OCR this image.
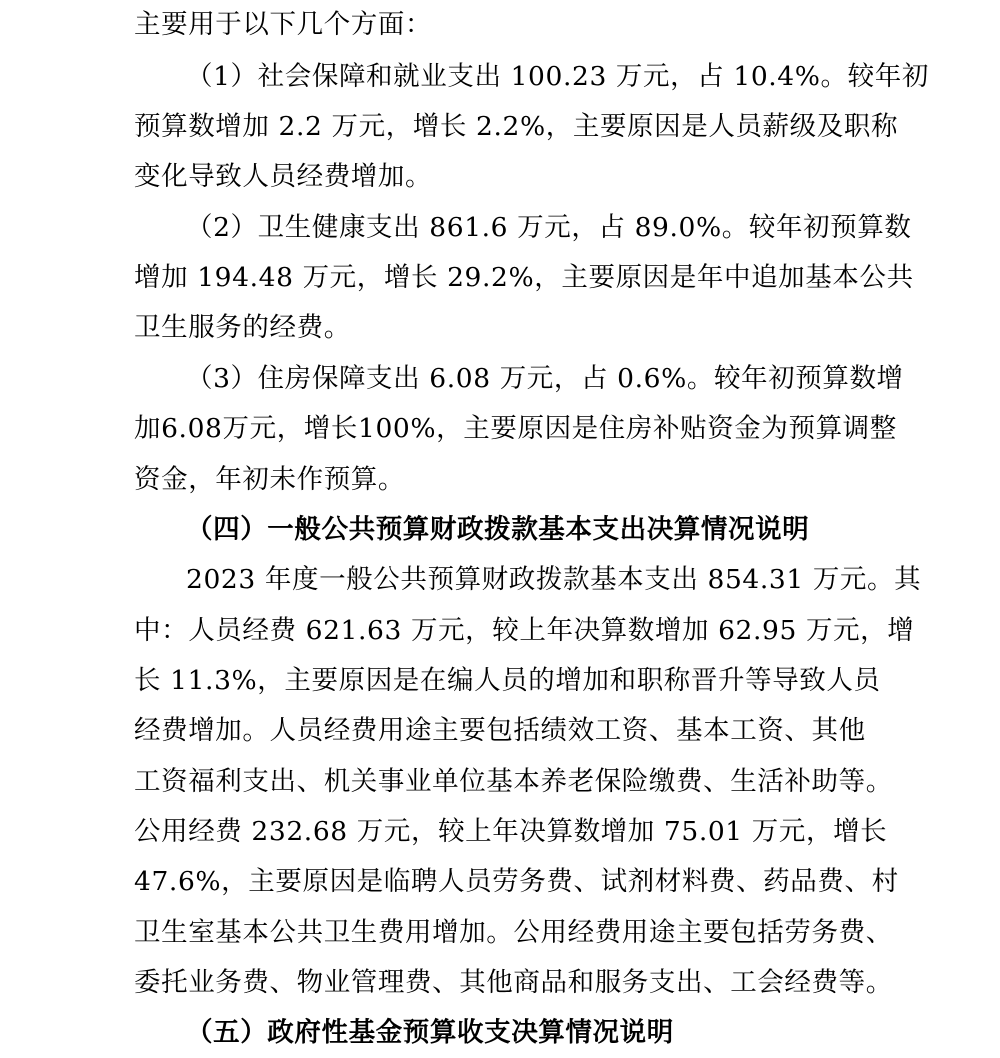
主要用于以下几个方面：
（1）社会保障和就业支出 100.23 万元，占 10.4%。较年初
预算数增加 2.2 万元，增长 2.2%，主要原因是人员薪级及职称
变化导致人员经费增加。
（2）卫生健康支出 861.6 万元，占 89.0%。较年初预算数
增加 194.48 万元，增长 29.2%，主要原因是年中追加基本公共
卫生服务的经费。
（3）住房保障支出 6.08 万元，占 0.6%。较年初预算数增
加6.08万元，增长100%，主要原因是住房补贴资金为预算调整
资金，年初未作预算。
（四）一般公共预算财政拨款基本支出决算情况说明
2023 年度一般公共预算财政拨款基本支出 854.31 万元。其
中：人员经费 621.63 万元，较上年决算数增加 62.95 万元，增
长 11.3%，主要原因是在编人员的增加和职称晋升等导致人员
经费增加。人员经费用途主要包括绩效工资、基本工资、其他
工资福利支出、机关事业单位基本养老保险缴费、生活补助等。
公用经费 232.68 万元，较上年决算数增加 75.01 万元，增长
47.6%，主要原因是临聘人员劳务费、试剂材料费、药品费、村
卫生室基本公共卫生费用增加。公用经费用途主要包括劳务费、
委托业务费、物业管理费、其他商品和服务支出、工会经费等。
（五）政府性基金预算收支决算情况说明
